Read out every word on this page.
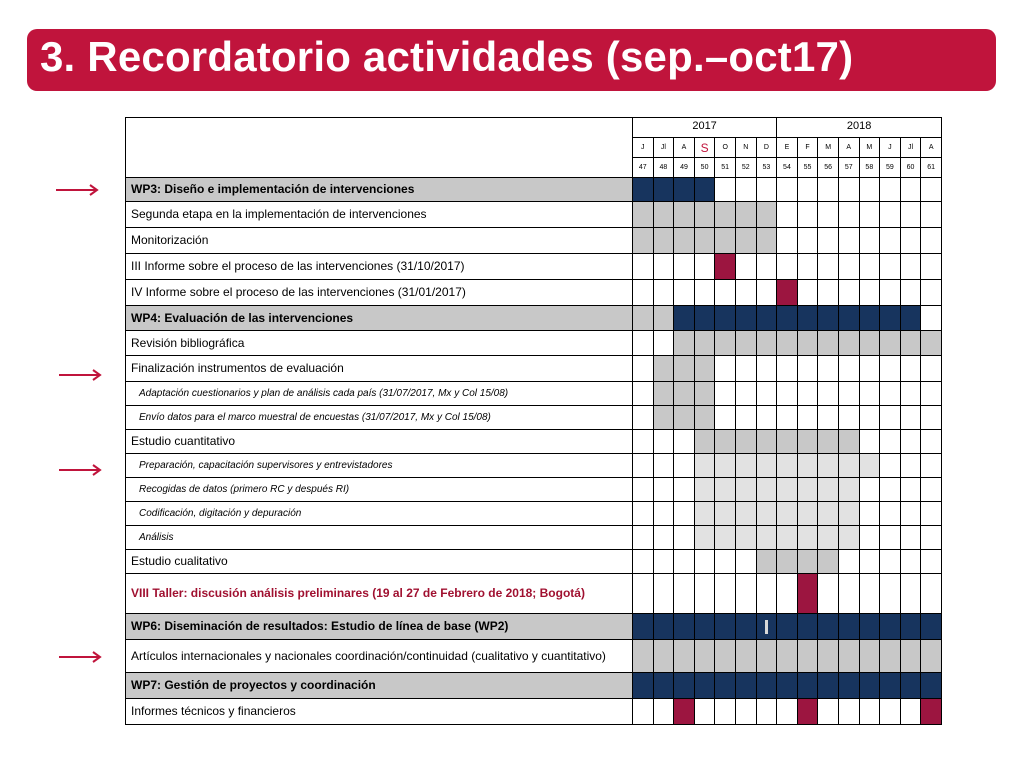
3. Recordatorio actividades (sep.–oct17)
	2017							2018							
	J	Jl	A	S	O	N	D	E	F	M	A	M	J	Jl	A
	47	48	49	50	51	52	53	54	55	56	57	58	59	60	61
WP3: Diseño e implementación de intervenciones															
Segunda etapa en la implementación de intervenciones															
Monitorización															
III Informe sobre el proceso de las intervenciones (31/10/2017)															
IV Informe sobre el proceso de las intervenciones (31/01/2017)															
WP4: Evaluación de las intervenciones															
Revisión bibliográfica															
Finalización instrumentos de evaluación															
Adaptación cuestionarios y plan de análisis cada país (31/07/2017, Mx y Col 15/08)															
Envío datos para el marco muestral de encuestas (31/07/2017, Mx y Col 15/08)															
Estudio cuantitativo															
Preparación, capacitación supervisores y entrevistadores															
Recogidas de datos (primero RC y después RI)															
Codificación, digitación y depuración															
Análisis															
Estudio cualitativo															
VIII Taller: discusión análisis preliminares (19 al 27 de Febrero de 2018; Bogotá)															
WP6: Diseminación de resultados: Estudio de línea de base (WP2)							

Artículos internacionales y nacionales coordinación/continuidad (cualitativo y cuantitativo)															
WP7: Gestión de proyectos y coordinación															
Informes técnicos y financieros															
